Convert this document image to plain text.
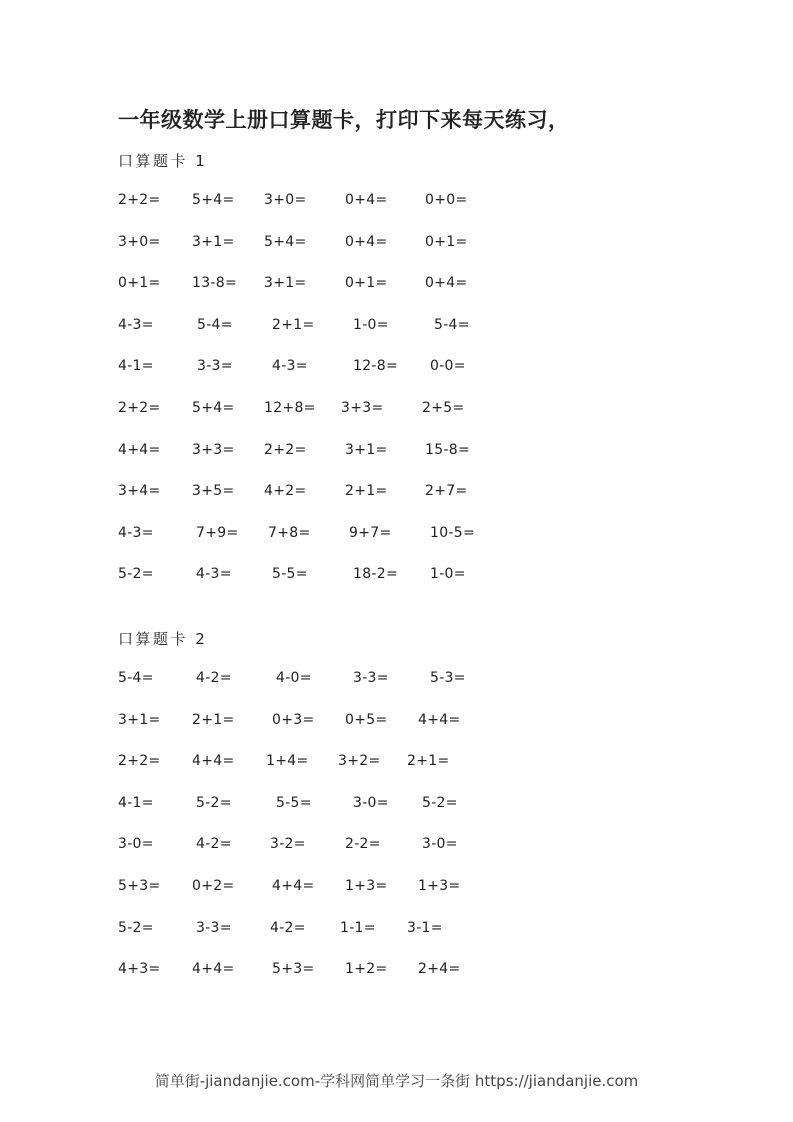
一年级数学上册口算题卡，打印下来每天练习，
口算题卡 1
2+2= 5+4= 3+0=	0+4=	0+0=
3+0= 3+1= 5+4=	0+4=	0+1=
0+1= 13-8= 3+1=	0+1=	0+4=
4-3=	5-4=	2+1=	1-0=	5-4=
4-1=	3-3=	4-3=	12-8= 0-0=
2+2= 5+4= 12+8= 3+3=	2+5=
4+4= 3+3= 2+2=	3+1=	15-8=
3+4= 3+5= 4+2=	2+1=	2+7=
4-3=	7+9= 7+8=	9+7=	10-5=
5-2=	4-3=	5-5=	18-2= 1-0=
口算题卡 2
5-4=	4-2=	4-0=	3-3=	5-3=
3+1= 2+1=	0+3= 0+5= 4+4=
2+2= 4+4= 1+4= 3+2= 2+1=
4-1=	5-2=	5-5=	3-0= 5-2=
3-0=	4-2=	3-2=	2-2=	3-0=
5+3= 0+2=	4+4= 1+3= 1+3=
5-2=	3-3=	4-2= 1-1= 3-1=
4+3= 4+4=	5+3= 1+2= 2+4=
简单街-jiandanjie.com-学科网简单学习一条街 https://jiandanjie.com
